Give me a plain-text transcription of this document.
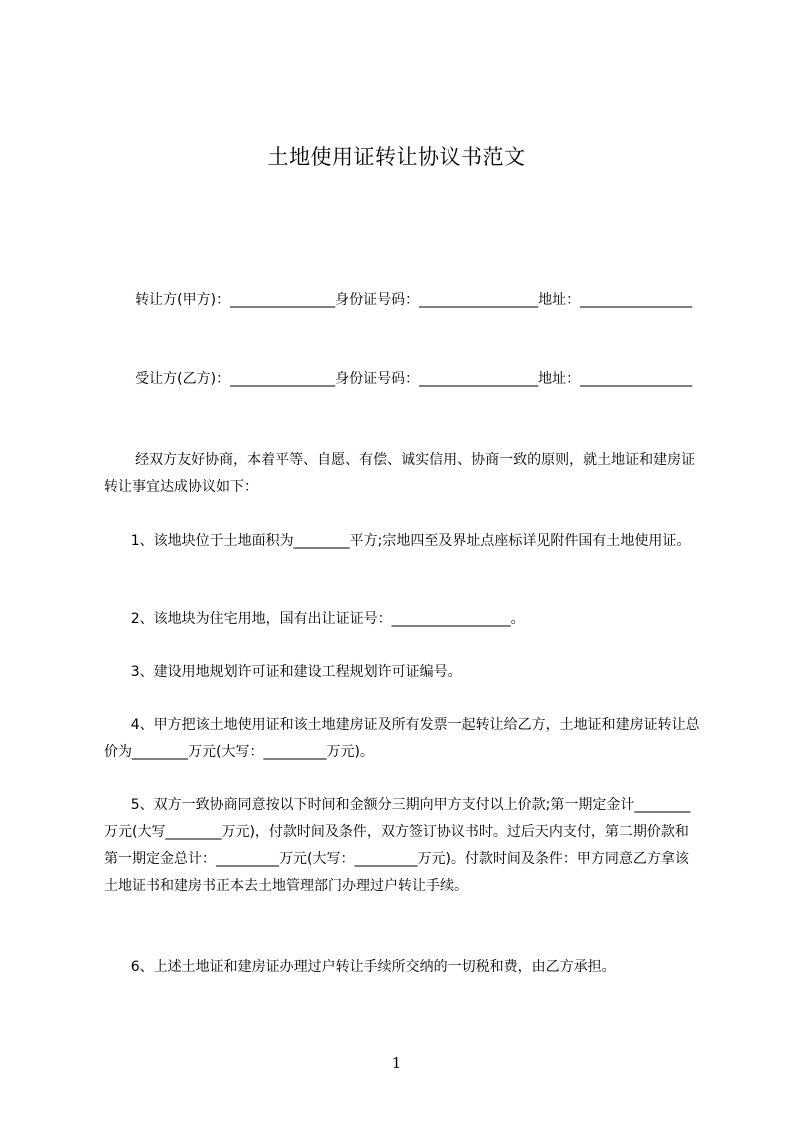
土地使用证转让协议书范文
转让方(甲方)：_______________身份证号码：_________________地址：________________
受让方(乙方)：_______________身份证号码：_________________地址：________________
经双方友好协商，本着平等、自愿、有偿、诚实信用、协商一致的原则，就土地证和建房证转让事宜达成协议如下：
1、该地块位于土地面积为________平方;宗地四至及界址点座标详见附件国有土地使用证。
2、该地块为住宅用地，国有出让证证号：_________________。
3、建设用地规划许可证和建设工程规划许可证编号。
4、甲方把该土地使用证和该土地建房证及所有发票一起转让给乙方，土地证和建房证转让总价为________万元(大写：_________万元)。
5、双方一致协商同意按以下时间和金额分三期向甲方支付以上价款;第一期定金计________万元(大写________万元)，付款时间及条件，双方签订协议书时。过后天内支付，第二期价款和第一期定金总计：_________万元(大写：_________万元)。付款时间及条件：甲方同意乙方拿该土地证书和建房书正本去土地管理部门办理过户转让手续。
6、上述土地证和建房证办理过户转让手续所交纳的一切税和费，由乙方承担。
1
